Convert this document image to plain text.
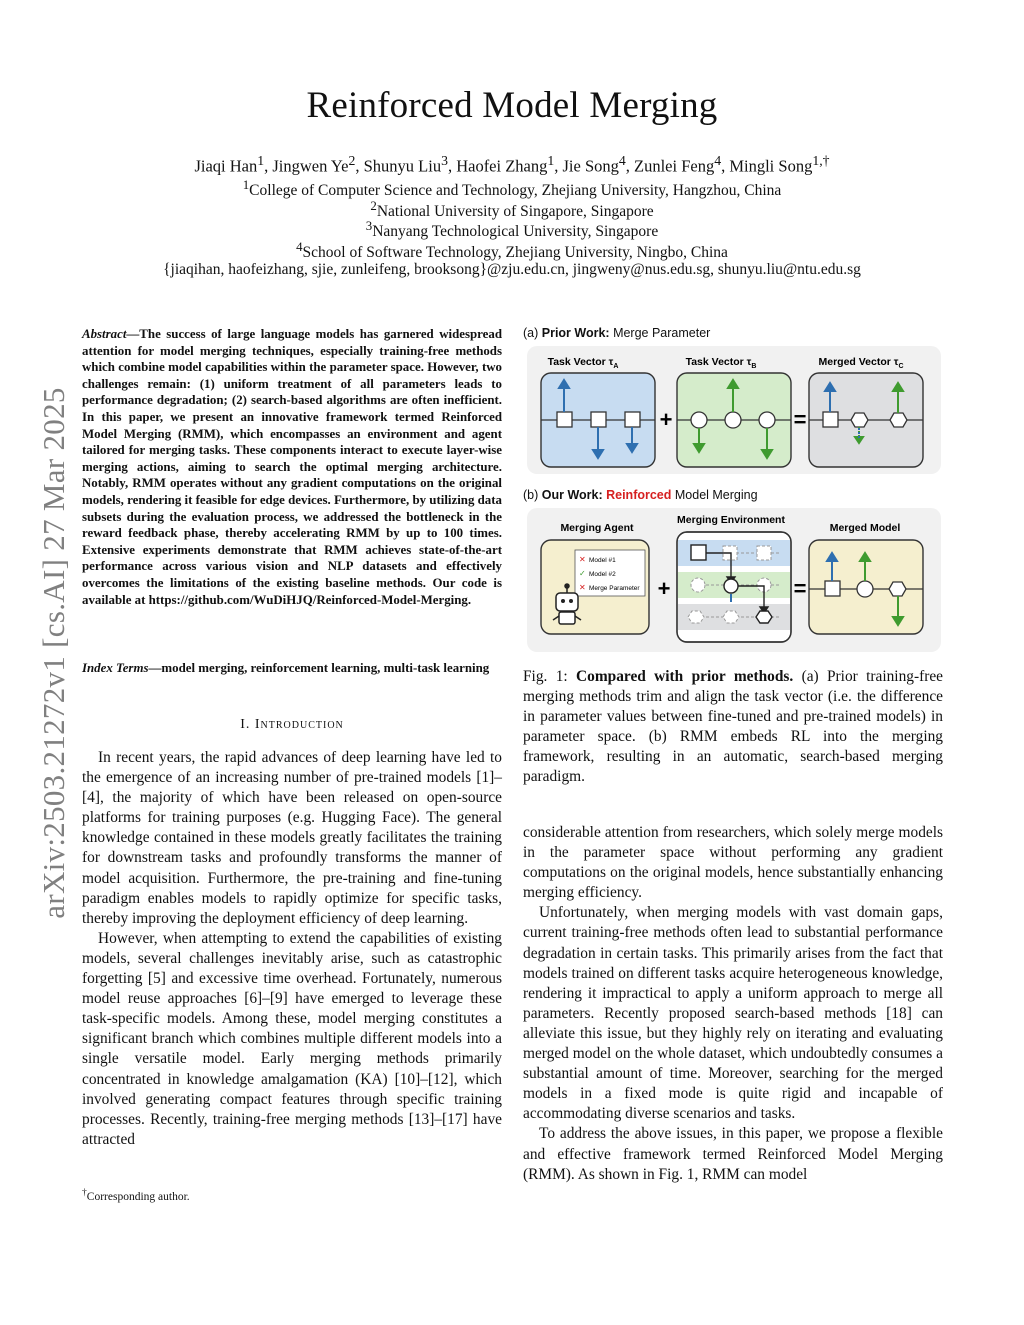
Reinforced Model Merging
Jiaqi Han$^1$, Jingwen Ye$^2$, Shunyu Liu$^3$, Haofei Zhang$^1$, Jie Song$^4$, Zunlei Feng$^4$, Mingli Song$^{1,\dagger}$
$^1$College of Computer Science and Technology, Zhejiang University, Hangzhou, China
$^2$National University of Singapore, Singapore
$^3$Nanyang Technological University, Singapore
$^4$School of Software Technology, Zhejiang University, Ningbo, China
{jiaqihan, haofeizhang, sjie, zunleifeng, brooksong}@zju.edu.cn, jingweny@nus.edu.sg, shunyu.liu@ntu.edu.sg
arXiv:2503.21272v1 [cs.AI] 27 Mar 2025
Abstract—The success of large language models has garnered widespread attention for model merging techniques, especially training-free methods which combine model capabilities within the parameter space. However, two challenges remain: (1) uniform treatment of all parameters leads to performance degradation; (2) search-based algorithms are often inefficient. In this paper, we present an innovative framework termed Reinforced Model Merging (RMM), which encompasses an environment and agent tailored for merging tasks. These components interact to execute layer-wise merging actions, aiming to search the optimal merging architecture. Notably, RMM operates without any gradient computations on the original models, rendering it feasible for edge devices. Furthermore, by utilizing data subsets during the evaluation process, we addressed the bottleneck in the reward feedback phase, thereby accelerating RMM by up to 100 times. Extensive experiments demonstrate that RMM achieves state-of-the-art performance across various vision and NLP datasets and effectively overcomes the limitations of the existing baseline methods. Our code is available at https://github.com/WuDiHJQ/Reinforced-Model-Merging.
Index Terms—model merging, reinforcement learning, multi-task learning
I. Introduction

In recent years, the rapid advances of deep learning have led to the emergence of an increasing number of pre-trained models [1]–[4], the majority of which have been released on open-source platforms for training purposes (e.g. Hugging Face). The general knowledge contained in these models greatly facilitates the training for downstream tasks and profoundly transforms the manner of model acquisition. Furthermore, the pre-training and fine-tuning paradigm enables models to rapidly optimize for specific tasks, thereby improving the deployment efficiency of deep learning.

However, when attempting to extend the capabilities of existing models, several challenges inevitably arise, such as catastrophic forgetting [5] and excessive time overhead. Fortunately, numerous model reuse approaches [6]–[9] have emerged to leverage these task-specific models. Among these, model merging constitutes a significant branch which combines multiple different models into a single versatile model. Early merging methods primarily concentrated in knowledge amalgamation (KA) [10]–[12], which involved generating compact features through specific training processes. Recently, training-free merging methods [13]–[17] have attracted

†Corresponding author.
(a) Prior Work: Merge Parameter
(b) Our Work: Reinforced Model Merging
Task Vector $\tau_A$	Task Vector $\tau_B$	Merged Vector $\tau_C$
+	=
Merging Agent
Merging Environment
Merged Model
✕ Model #1
✓ Model #2
✕ Merge Parameter +	=
Fig. 1: Compared with prior methods. (a) Prior training-free merging methods trim and align the task vector (i.e. the difference in parameter values between fine-tuned and pre-trained models) in parameter space. (b) RMM embeds RL into the merging framework, resulting in an automatic, search-based merging paradigm.

considerable attention from researchers, which solely merge models in the parameter space without performing any gradient computations on the original models, hence substantially enhancing merging efficiency.

Unfortunately, when merging models with vast domain gaps, current training-free methods often lead to substantial performance degradation in certain tasks. This primarily arises from the fact that models trained on different tasks acquire heterogeneous knowledge, rendering it impractical to apply a uniform approach to merge all parameters. Recently proposed search-based methods [18] can alleviate this issue, but they highly rely on iterating and evaluating merged model on the whole dataset, which undoubtedly consumes a substantial amount of time. Moreover, searching for the merged models in a fixed mode is quite rigid and incapable of accommodating diverse scenarios and tasks.

To address the above issues, in this paper, we propose a flexible and effective framework termed Reinforced Model Merging (RMM). As shown in Fig. 1, RMM can model
